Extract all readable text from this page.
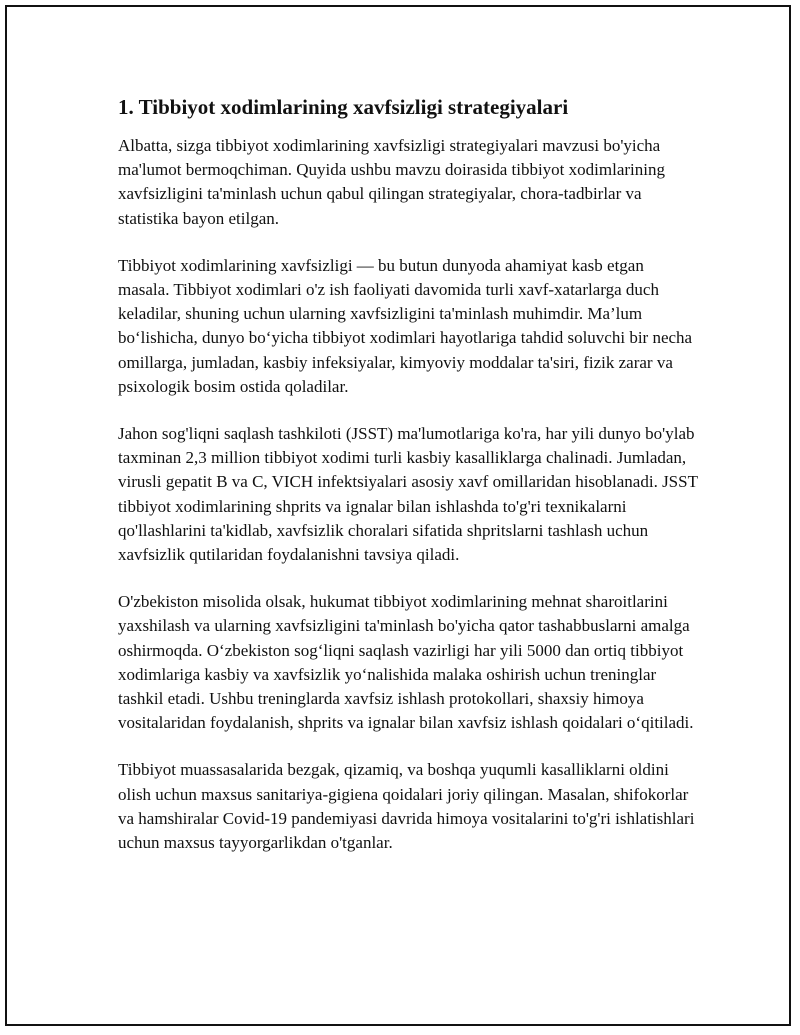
1. Tibbiyot xodimlarining xavfsizligi strategiyalari

Albatta, sizga tibbiyot xodimlarining xavfsizligi strategiyalari mavzusi bo'yicha ma'lumot bermoqchiman. Quyida ushbu mavzu doirasida tibbiyot xodimlarining xavfsizligini ta'minlash uchun qabul qilingan strategiyalar, chora-tadbirlar va statistika bayon etilgan.

Tibbiyot xodimlarining xavfsizligi — bu butun dunyoda ahamiyat kasb etgan masala. Tibbiyot xodimlari o'z ish faoliyati davomida turli xavf-xatarlarga duch keladilar, shuning uchun ularning xavfsizligini ta'minlash muhimdir. Ma’lum bo‘lishicha, dunyo bo‘yicha tibbiyot xodimlari hayotlariga tahdid soluvchi bir necha omillarga, jumladan, kasbiy infeksiyalar, kimyoviy moddalar ta'siri, fizik zarar va psixologik bosim ostida qoladilar.

Jahon sog'liqni saqlash tashkiloti (JSST) ma'lumotlariga ko'ra, har yili dunyo bo'ylab taxminan 2,3 million tibbiyot xodimi turli kasbiy kasalliklarga chalinadi. Jumladan, virusli gepatit B va C, VICH infektsiyalari asosiy xavf omillaridan hisoblanadi. JSST tibbiyot xodimlarining shprits va ignalar bilan ishlashda to'g'ri texnikalarni qo'llashlarini ta'kidlab, xavfsizlik choralari sifatida shpritslarni tashlash uchun xavfsizlik qutilaridan foydalanishni tavsiya qiladi.

O'zbekiston misolida olsak, hukumat tibbiyot xodimlarining mehnat sharoitlarini yaxshilash va ularning xavfsizligini ta'minlash bo'yicha qator tashabbuslarni amalga oshirmoqda. O‘zbekiston sog‘liqni saqlash vazirligi har yili 5000 dan ortiq tibbiyot xodimlariga kasbiy va xavfsizlik yo‘nalishida malaka oshirish uchun treninglar tashkil etadi. Ushbu treninglarda xavfsiz ishlash protokollari, shaxsiy himoya vositalaridan foydalanish, shprits va ignalar bilan xavfsiz ishlash qoidalari o‘qitiladi.

Tibbiyot muassasalarida bezgak, qizamiq, va boshqa yuqumli kasalliklarni oldini olish uchun maxsus sanitariya-gigiena qoidalari joriy qilingan. Masalan, shifokorlar va hamshiralar Covid-19 pandemiyasi davrida himoya vositalarini to'g'ri ishlatishlari uchun maxsus tayyorgarlikdan o'tganlar.
